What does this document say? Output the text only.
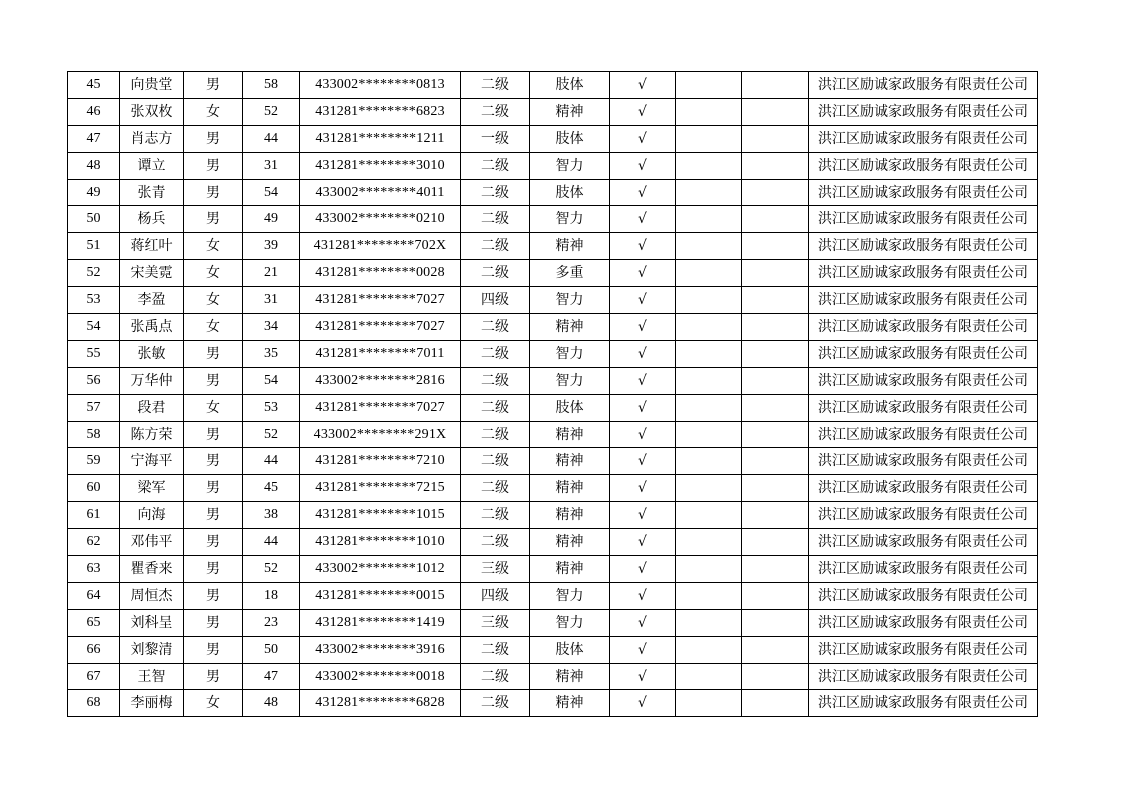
45	向贵堂	男	58	433002********0813	二级	肢体	√			洪江区励诚家政服务有限责任公司
46	张双枚	女	52	431281********6823	二级	精神	√			洪江区励诚家政服务有限责任公司
47	肖志方	男	44	431281********1211	一级	肢体	√			洪江区励诚家政服务有限责任公司
48	谭立	男	31	431281********3010	二级	智力	√			洪江区励诚家政服务有限责任公司
49	张青	男	54	433002********4011	二级	肢体	√			洪江区励诚家政服务有限责任公司
50	杨兵	男	49	433002********0210	二级	智力	√			洪江区励诚家政服务有限责任公司
51	蒋红叶	女	39	431281********702X	二级	精神	√			洪江区励诚家政服务有限责任公司
52	宋美霓	女	21	431281********0028	二级	多重	√			洪江区励诚家政服务有限责任公司
53	李盈	女	31	431281********7027	四级	智力	√			洪江区励诚家政服务有限责任公司
54	张禹点	女	34	431281********7027	二级	精神	√			洪江区励诚家政服务有限责任公司
55	张敏	男	35	431281********7011	二级	智力	√			洪江区励诚家政服务有限责任公司
56	万华仲	男	54	433002********2816	二级	智力	√			洪江区励诚家政服务有限责任公司
57	段君	女	53	431281********7027	二级	肢体	√			洪江区励诚家政服务有限责任公司
58	陈方荣	男	52	433002********291X	二级	精神	√			洪江区励诚家政服务有限责任公司
59	宁海平	男	44	431281********7210	二级	精神	√			洪江区励诚家政服务有限责任公司
60	梁军	男	45	431281********7215	二级	精神	√			洪江区励诚家政服务有限责任公司
61	向海	男	38	431281********1015	二级	精神	√			洪江区励诚家政服务有限责任公司
62	邓伟平	男	44	431281********1010	二级	精神	√			洪江区励诚家政服务有限责任公司
63	瞿香来	男	52	433002********1012	三级	精神	√			洪江区励诚家政服务有限责任公司
64	周恒杰	男	18	431281********0015	四级	智力	√			洪江区励诚家政服务有限责任公司
65	刘科呈	男	23	431281********1419	三级	智力	√			洪江区励诚家政服务有限责任公司
66	刘黎清	男	50	433002********3916	二级	肢体	√			洪江区励诚家政服务有限责任公司
67	王智	男	47	433002********0018	二级	精神	√			洪江区励诚家政服务有限责任公司
68	李丽梅	女	48	431281********6828	二级	精神	√			洪江区励诚家政服务有限责任公司
